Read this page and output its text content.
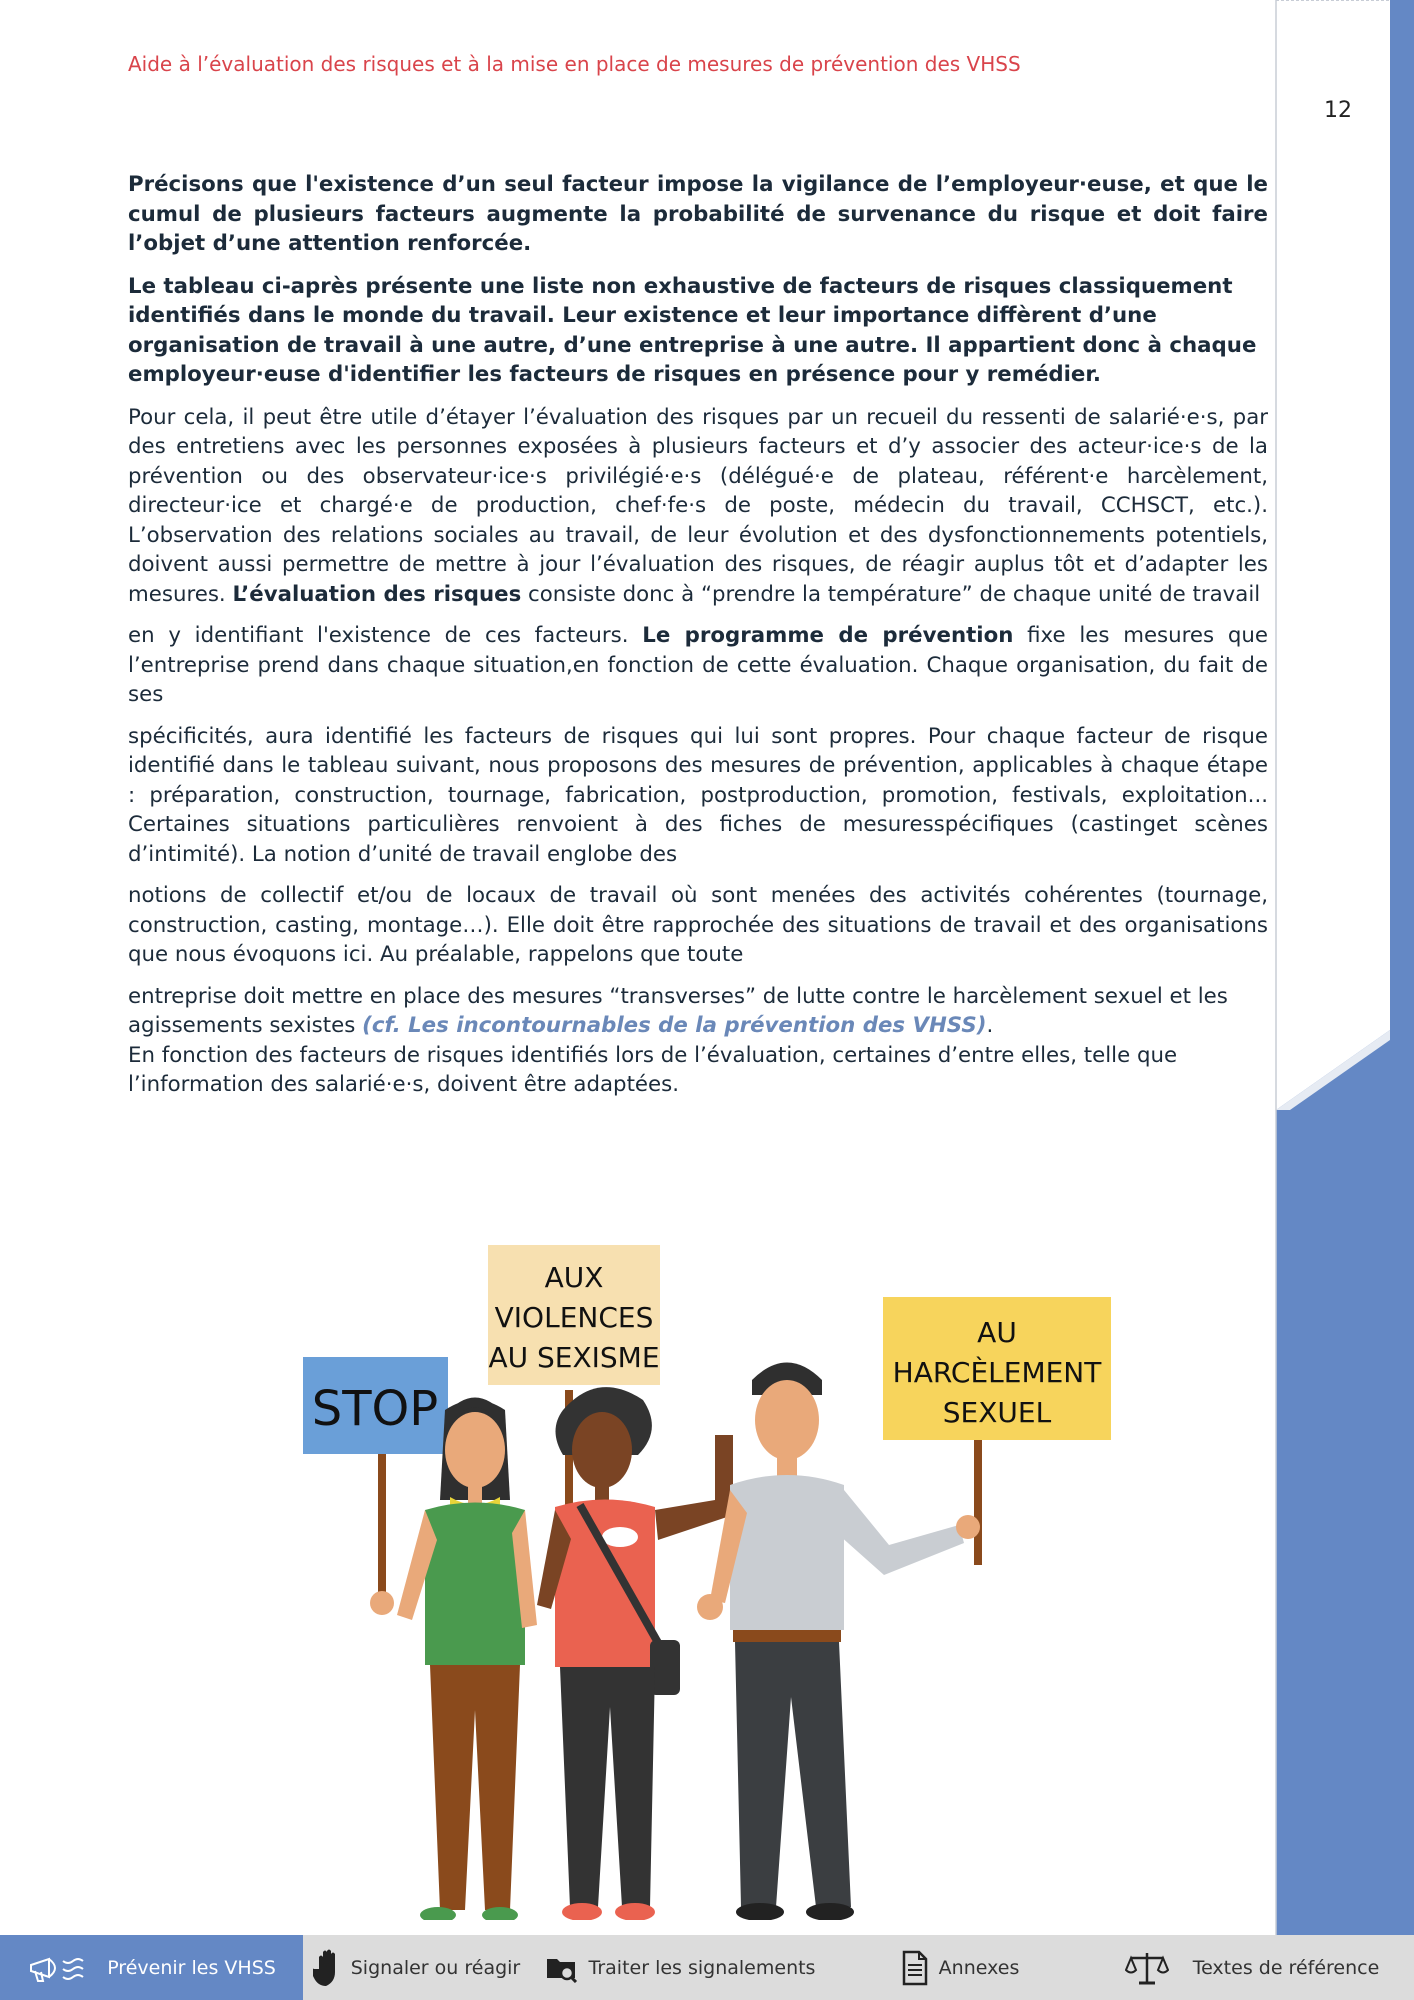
Aide à l’évaluation des risques et à la mise en place de mesures de prévention des VHSS
12

Précisons que l'existence d’un seul facteur impose la vigilance de l’employeur·euse, et que le cumul de plusieurs facteurs augmente la probabilité de survenance du risque et doit faire l’objet d’une attention renforcée.

Le tableau ci-après présente une liste non exhaustive de facteurs de risques classiquement identifiés dans le monde du travail. Leur existence et leur importance diffèrent d’une organisation de travail à une autre, d’une entreprise à une autre. Il appartient donc à chaque employeur·euse d'identifier les facteurs de risques en présence pour y remédier.

Pour cela, il peut être utile d’étayer l’évaluation des risques par un recueil du ressenti de salarié·e·s, par des entretiens avec les personnes exposées à plusieurs facteurs et d’y associer des acteur·ice·s de la prévention ou des observateur·ice·s privilégié·e·s (délégué·e de plateau, référent·e harcèlement, directeur·ice et chargé·e de production, chef·fe·s de poste, médecin du travail, CCHSCT, etc.). L’observation des relations sociales au travail, de leur évolution et des dysfonctionnements potentiels, doivent aussi permettre de mettre à jour l’évaluation des risques, de réagir auplus tôt et d’adapter les mesures. L’évaluation des risques consiste donc à “prendre la température” de chaque unité de travail

en y identifiant l'existence de ces facteurs. Le programme de prévention fixe les mesures que l’entreprise prend dans chaque situation,en fonction de cette évaluation. Chaque organisation, du fait de ses

spécificités, aura identifié les facteurs de risques qui lui sont propres. Pour chaque facteur de risque identifié dans le tableau suivant, nous proposons des mesures de prévention, applicables à chaque étape : préparation, construction, tournage, fabrication, postproduction, promotion, festivals, exploitation... Certaines situations particulières renvoient à des fiches de mesuresspécifiques (castinget scènes d’intimité). La notion d’unité de travail englobe des

notions de collectif et/ou de locaux de travail où sont menées des activités cohérentes (tournage, construction, casting, montage…). Elle doit être rapprochée des situations de travail et des organisations que nous évoquons ici. Au préalable, rappelons que toute

entreprise doit mettre en place des mesures “transverses” de lutte contre le harcèlement sexuel et les agissements sexistes (cf. Les incontournables de la prévention des VHSS).

En fonction des facteurs de risques identifiés lors de l’évaluation, certaines d’entre elles, telle que l’information des salarié·e·s, doivent être adaptées.

STOP
AUX
VIOLENCES
AU SEXISME
AU
HARCÈLEMENT
SEXUEL
Prévenir les VHSS	Signaler ou réagir	Traiter les signalements	Annexes	Textes de référence
